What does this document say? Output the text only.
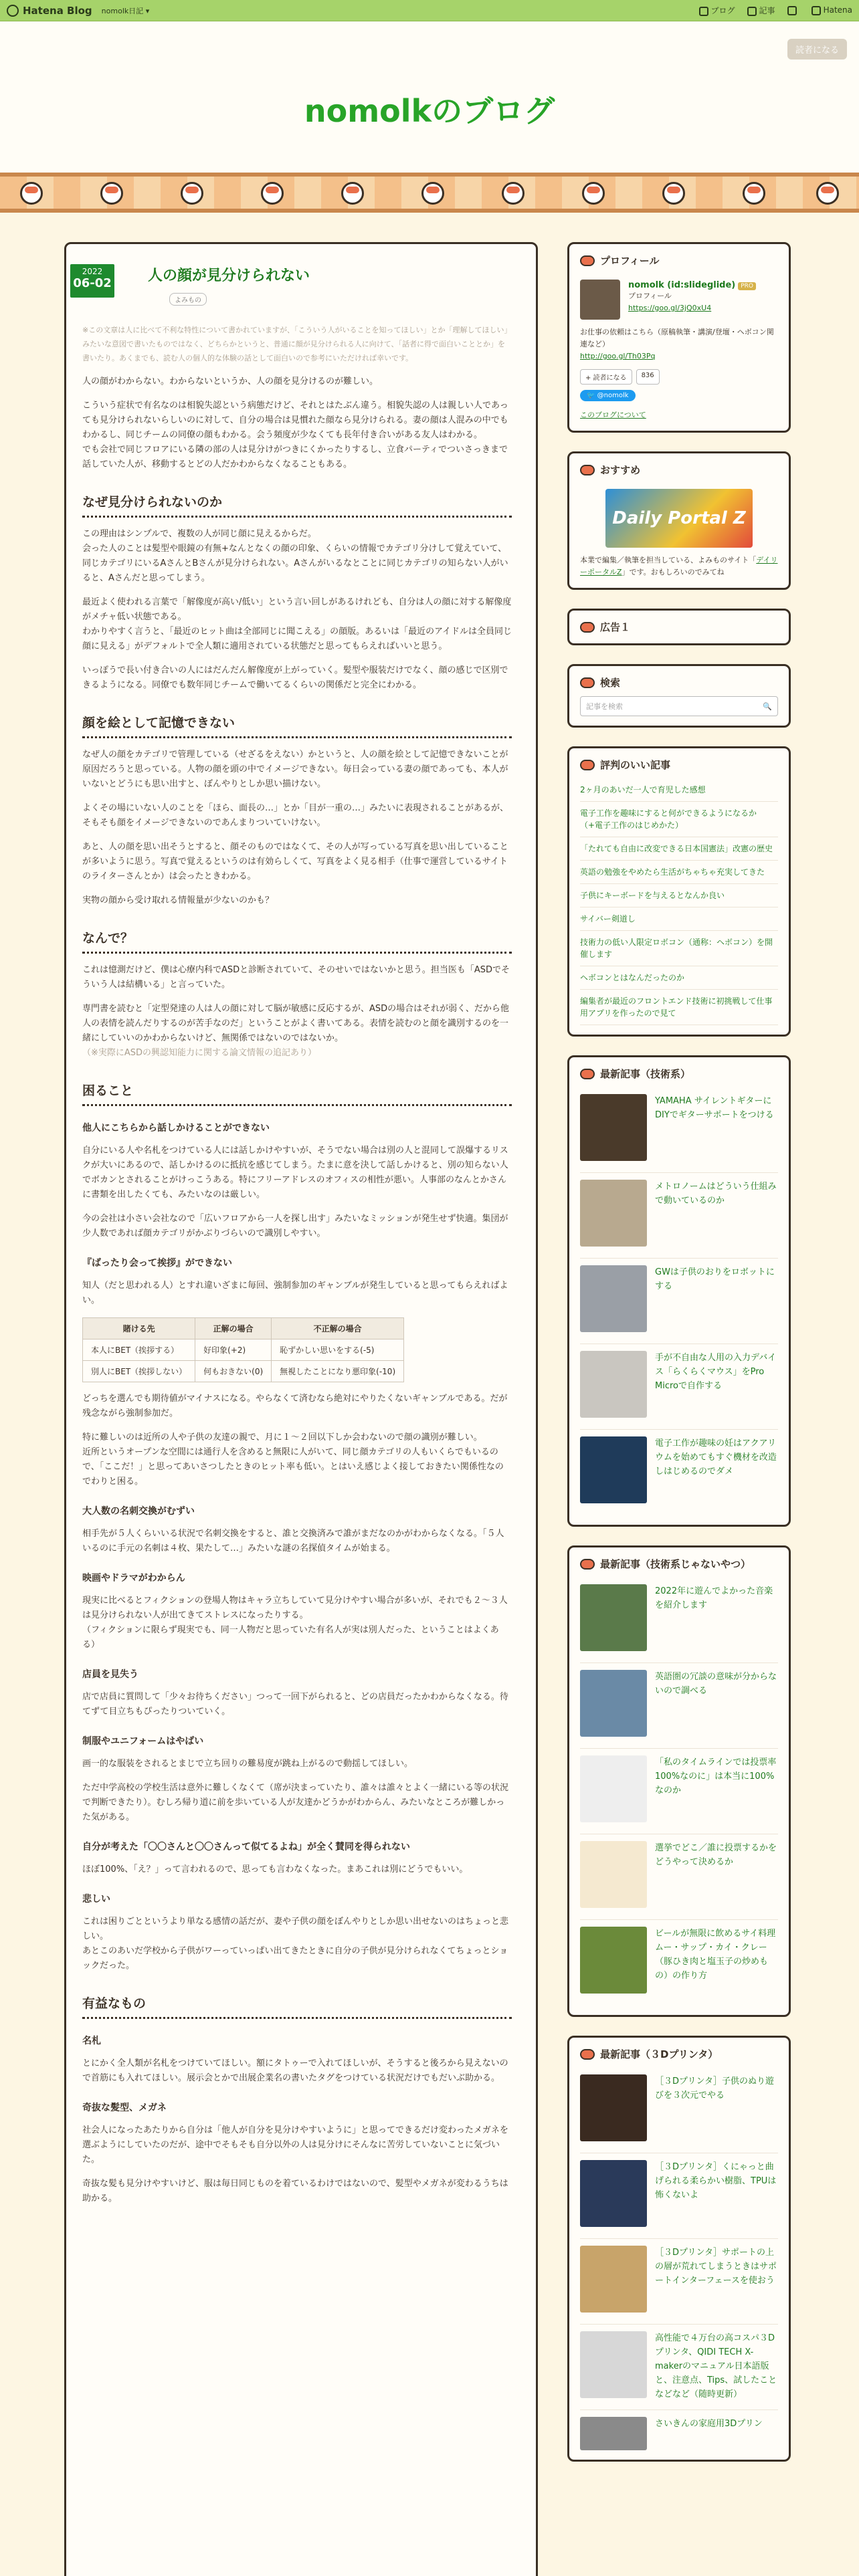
Hatena Blog nomolk日記 ▾	ブログ	記事	Hatena
読者になる
nomolkのブログ
2022
06-02 人の顔が見分けられない
よみもの
※この文章は人に比べて不利な特性について書かれていますが、「こういう人がいることを知ってほしい」とか「理解してほしい」みたいな意図で書いたものではなく、どちらかというと、普通に顔が見分けられる人に向けて、「話者に得で面白いこととか」を書いたり。あくまでも、読む人の個人的な体験の話として面白いので参考にいただければ幸いです。
人の顔がわからない。わからないというか、人の顔を見分けるのが難しい。
こういう症状で有名なのは相貌失認という病態だけど、それとはたぶん違う。相貌失認の人は親しい人であっても見分けられないらしいのに対して、自分の場合は見慣れた顔なら見分けられる。妻の顔は人混みの中でもわかるし、同じチームの同僚の顔もわかる。会う頻度が少なくても長年付き合いがある友人はわかる。
でも会社で同じフロアにいる隣の部の人は見分けがつきにくかったりするし、立食パーティでついさっきまで話していた人が、移動するとどの人だかわからなくなることもある。
なぜ見分けられないのか
この理由はシンプルで、複数の人が同じ顔に見えるからだ。
会った人のことは髪型や眼鏡の有無+なんとなくの顔の印象、くらいの情報でカテゴリ分けして覚えていて、同じカテゴリにいるAさんとBさんが見分けられない。Aさんがいるなとことに同じカテゴリの知らない人がいると、Aさんだと思ってしまう。
最近よく使われる言葉で「解像度が高い/低い」という言い回しがあるけれども、自分は人の顔に対する解像度がメチャ低い状態である。
わかりやすく言うと、「最近のヒット曲は全部同じに聞こえる」の顔版。あるいは「最近のアイドルは全員同じ顔に見える」がデフォルトで全人類に適用されている状態だと思ってもらえればいいと思う。
いっぽうで長い付き合いの人にはだんだん解像度が上がっていく。髪型や服装だけでなく、顔の感じで区別できるようになる。同僚でも数年同じチームで働いてるくらいの関係だと完全にわかる。
顔を絵として記憶できない
なぜ人の顔をカテゴリで管理している（せざるをえない）かというと、人の顔を絵として記憶できないことが原因だろうと思っている。人物の顔を頭の中でイメージできない。毎日会っている妻の顔であっても、本人がいないとどうにも思い出すと、ぼんやりとしか思い描けない。
よくその場にいない人のことを「ほら、面長の…」とか「目が一重の…」みたいに表現されることがあるが、そもそも顔をイメージできないのであんまりついていけない。
あと、人の顔を思い出そうとすると、顔そのものではなくて、その人が写っている写真を思い出していることが多いように思う。写真で覚えるというのは有効らしくて、写真をよく見る相手（仕事で運営しているサイトのライターさんとか）は会ったときわかる。
実物の顔から受け取れる情報量が少ないのかも？
なんで？
これは憶測だけど、僕は心療内科でASDと診断されていて、そのせいではないかと思う。担当医も「ASDでそういう人は結構いる」と言っていた。
専門書を読むと「定型発達の人は人の顔に対して脳が敏感に反応するが、ASDの場合はそれが弱く、だから他人の表情を読んだりするのが苦手なのだ」ということがよく書いてある。表情を読むのと顔を識別するのを一緒にしていいのかわからないけど、無関係ではないのではないか。
（※実際にASDの興認知能力に関する論文情報の追記あり）
困ること
他人にこちらから話しかけることができない
自分にいる人や名札をつけている人には話しかけやすいが、そうでない場合は別の人と混同して誤爆するリスクが大いにあるので、話しかけるのに抵抗を感じてしまう。たまに意を決して話しかけると、別の知らない人でボカンとされることがけっこうある。特にフリーアドレスのオフィスの相性が悪い。人事部のなんとかさんに書類を出したくても、みたいなのは厳しい。
今の会社は小さい会社なので「広いフロアから一人を探し出す」みたいなミッションが発生せず快適。集団が少人数であれば顔カテゴリがかぶりづらいので識別しやすい。
『ばったり会って挨拶』ができない
知人（だと思われる人）とすれ違いざまに毎回、強制参加のギャンブルが発生していると思ってもらえればよい。
賭ける先	正解の場合	不正解の場合
本人にBET（挨拶する）	好印象(+2)	恥ずかしい思いをする(-5)
別人にBET（挨拶しない）	何もおきない(0)	無視したことになり悪印象(-10)
どっちを選んでも期待値がマイナスになる。やらなくて済むなら絶対にやりたくないギャンブルである。だが残念ながら強制参加だ。
特に難しいのは近所の人や子供の友達の親で、月に１～２回以下しか会わないので顔の識別が難しい。
近所というオープンな空間には通行人を含めると無限に人がいて、同じ顔カテゴリの人もいくらでもいるので、「ここだ！」と思ってあいさつしたときのヒット率も低い。とはいえ感じよく接しておきたい関係性なのでわりと困る。
大人数の名刺交換がむずい
相手先が５人くらいいる状況で名刺交換をすると、誰と交換済みで誰がまだなのかがわからなくなる。「５人いるのに手元の名刺は４枚、果たして…」みたいな謎の名探偵タイムが始まる。
映画やドラマがわからん
現実に比べるとフィクションの登場人物はキャラ立ちしていて見分けやすい場合が多いが、それでも２～３人は見分けられない人が出てきてストレスになったりする。
（フィクションに限らず現実でも、同一人物だと思っていた有名人が実は別人だった、ということはよくある）
店員を見失う
店で店員に質問して「少々お待ちください」つって一回下がられると、どの店員だったかわからなくなる。待てずて目立ちもぴったりついていく。
制服やユニフォームはやばい
画一的な服装をされるとまじで立ち回りの難易度が跳ね上がるので動揺してほしい。
ただ中学高校の学校生活は意外に難しくなくて（席が決まっていたり、誰々は誰々とよく一緒にいる等の状況で判断できたり）。むしろ帰り道に前を歩いている人が友達かどうかがわからん、みたいなところが難しかった気がある。
自分が考えた「〇〇さんと〇〇さんって似てるよね」が全く賛同を得られない
ほぼ100%、「え？」って言われるので、思っても言わなくなった。まあこれは別にどうでもいい。
悲しい
これは困りごとというより単なる感情の話だが、妻や子供の顔をぼんやりとしか思い出せないのはちょっと悲しい。
あとこのあいだ学校から子供がワーっていっぱい出てきたときに自分の子供が見分けられなくてちょっとショックだった。
有益なもの
名札
とにかく全人類が名札をつけていてほしい。額にタトゥーで入れてほしいが、そうすると後ろから見えないので首筋にも入れてほしい。展示会とかで出展企業名の書いたタグをつけている状況だけでもだいぶ助かる。
奇抜な髪型、メガネ
社会人になったあたりから自分は「他人が自分を見分けやすいように」と思ってできるだけ変わったメガネを選ぶようにしていたのだが、途中でそもそも自分以外の人は見分けにそんなに苦労していないことに気づいた。
奇抜な髪も見分けやすいけど、服は毎日同じものを着ているわけではないので、髪型やメガネが変わるうちは助かる。
プロフィール
nomolk (id:slideglide) PRO
プロフィール
https://goo.gl/3jQ0xU4
お仕事の依頼はこちら（原稿執筆・講演/登壇・ヘボコン関連など）
http://goo.gl/Th03Pq
+ 読者になる	836
🐦 @nomolk
このブログについて
おすすめ
Daily Portal Z
本業で編集／執筆を担当している、よみものサイト「デイリーポータルZ」です。おもしろいのでみてね
広告１
検索
記事を検索	🔍
評判のいい記事
2ヶ月のあいだ一人で育児した感想
電子工作を趣味にすると何ができるようになるか（+電子工作のはじめかた）
「たれても自由に改変できる日本国憲法」改憲の歴史
英語の勉強をやめたら生活がちゃちゃ充実してきた
子供にキーボードを与えるとなんか良い
サイバー剣道し
技術力の低い人限定ロボコン（通称：ヘボコン）を開催します
ヘボコンとはなんだったのか
編集者が最近のフロントエンド技術に初挑戦して仕事用アプリを作ったので見て
最新記事（技術系）
YAMAHA サイレントギターにDIYでギターサポートをつける
メトロノームはどういう仕組みで動いているのか
GWは子供のおりをロボットにする
手が不自由な人用の入力デバイス「らくらくマウス」をPro Microで自作する
電子工作が趣味の妊はアクアリウムを始めてもすぐ機材を改造しはじめるのでダメ
最新記事（技術系じゃないやつ）
2022年に遊んでよかった音楽を紹介します
英語圏の冗談の意味が分からないので調べる
「私のタイムラインでは投票率100%なのに」は本当に100%なのか
選挙でどこ／誰に投票するかをどうやって決めるか
ビールが無限に飲めるサイ料理 ムー・サップ・カイ・クレー（豚ひき肉と塩玉子の炒めもの）の作り方
最新記事（３Dプリンタ）
［３Dプリンタ］子供のぬり遊びを３次元でやる
［３Dプリンタ］くにゃっと曲げられる柔らかい樹脂、TPUは怖くないよ
［３Dプリンタ］サポートの上の層が荒れてしまうときはサポートインターフェースを使おう
高性能で４万台の高コスパ３Dプリンタ、QIDI TECH X-makerのマニュアル日本語版と、注意点、Tips、試したことなどなど（随時更新）
さいきんの家庭用3Dプリン
